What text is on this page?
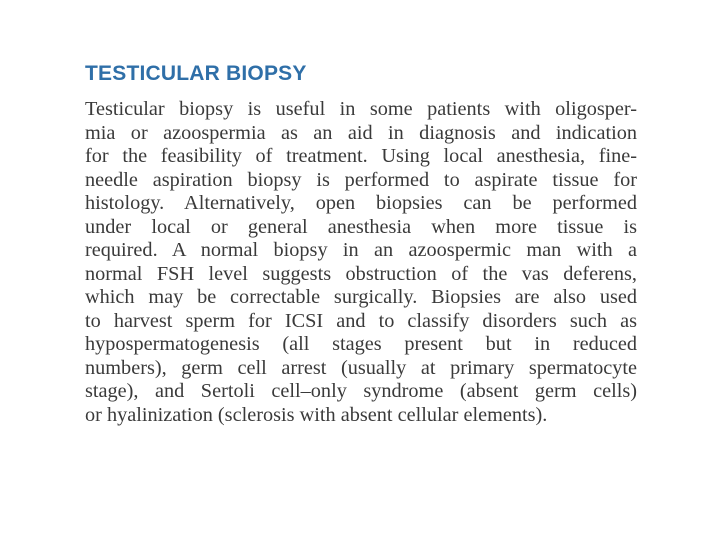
TESTICULAR BIOPSY
Testicular biopsy is useful in some patients with oligosper-
mia or azoospermia as an aid in diagnosis and indication
for the feasibility of treatment. Using local anesthesia, fine-
needle aspiration biopsy is performed to aspirate tissue for
histology. Alternatively, open biopsies can be performed
under local or general anesthesia when more tissue is
required. A normal biopsy in an azoospermic man with a
normal FSH level suggests obstruction of the vas deferens,
which may be correctable surgically. Biopsies are also used
to harvest sperm for ICSI and to classify disorders such as
hypospermatogenesis (all stages present but in reduced
numbers), germ cell arrest (usually at primary spermatocyte
stage), and Sertoli cell–only syndrome (absent germ cells)
or hyalinization (sclerosis with absent cellular elements).
